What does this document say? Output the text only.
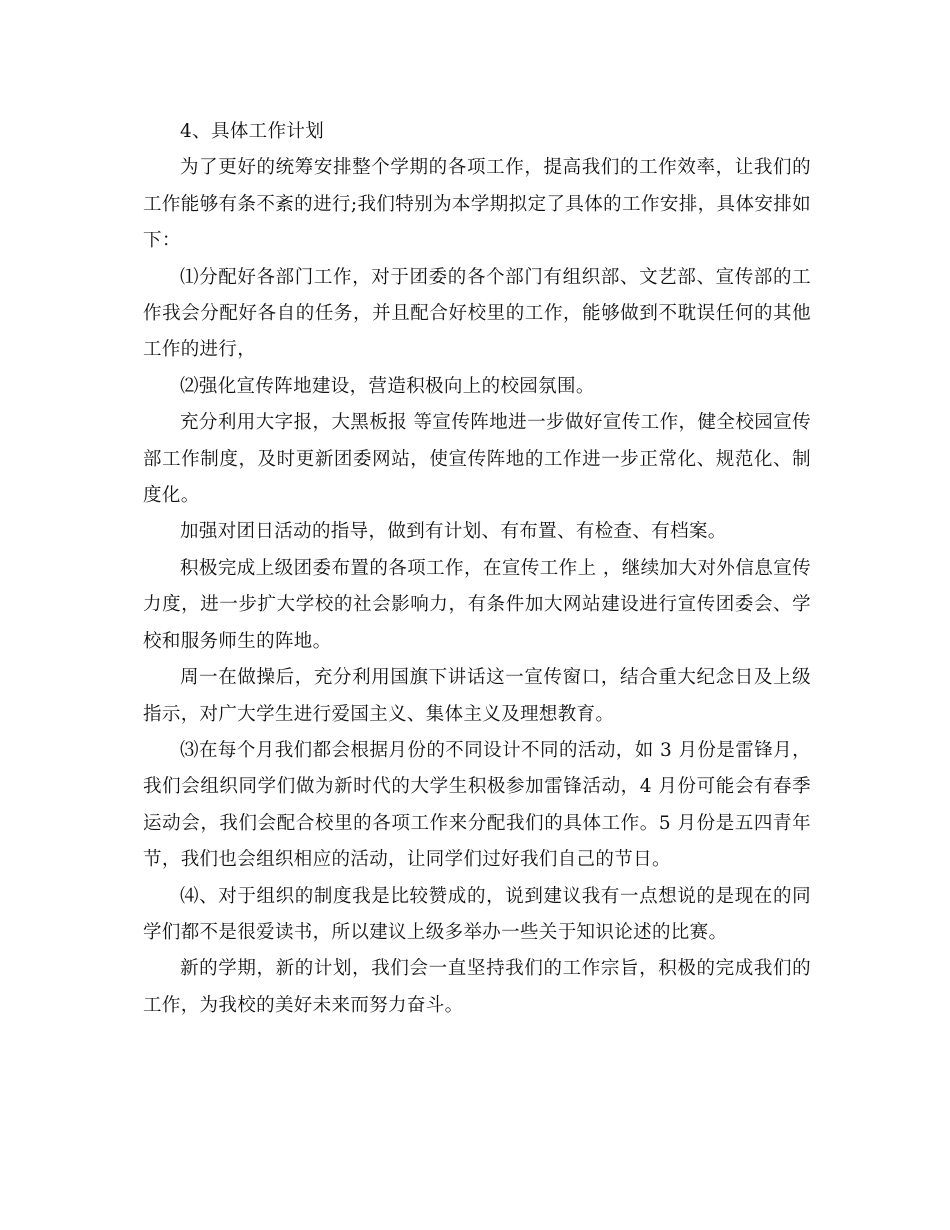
4、具体工作计划

为了更好的统筹安排整个学期的各项工作，提高我们的工作效率，让我们的工作能够有条不紊的进行;我们特别为本学期拟定了具体的工作安排，具体安排如下：

⑴分配好各部门工作，对于团委的各个部门有组织部、文艺部、宣传部的工作我会分配好各自的任务，并且配合好校里的工作，能够做到不耽误任何的其他工作的进行，

⑵强化宣传阵地建设，营造积极向上的校园氛围。

充分利用大字报，大黑板报 等宣传阵地进一步做好宣传工作，健全校园宣传部工作制度，及时更新团委网站，使宣传阵地的工作进一步正常化、规范化、制度化。

加强对团日活动的指导，做到有计划、有布置、有检查、有档案。

积极完成上级团委布置的各项工作，在宣传工作上 ，继续加大对外信息宣传力度，进一步扩大学校的社会影响力，有条件加大网站建设进行宣传团委会、学校和服务师生的阵地。

周一在做操后，充分利用国旗下讲话这一宣传窗口，结合重大纪念日及上级指示，对广大学生进行爱国主义、集体主义及理想教育。

⑶在每个月我们都会根据月份的不同设计不同的活动，如 3 月份是雷锋月，我们会组织同学们做为新时代的大学生积极参加雷锋活动，4 月份可能会有春季运动会，我们会配合校里的各项工作来分配我们的具体工作。5 月份是五四青年节，我们也会组织相应的活动，让同学们过好我们自己的节日。

⑷、对于组织的制度我是比较赞成的，说到建议我有一点想说的是现在的同学们都不是很爱读书，所以建议上级多举办一些关于知识论述的比赛。

新的学期，新的计划，我们会一直坚持我们的工作宗旨，积极的完成我们的工作，为我校的美好未来而努力奋斗。
